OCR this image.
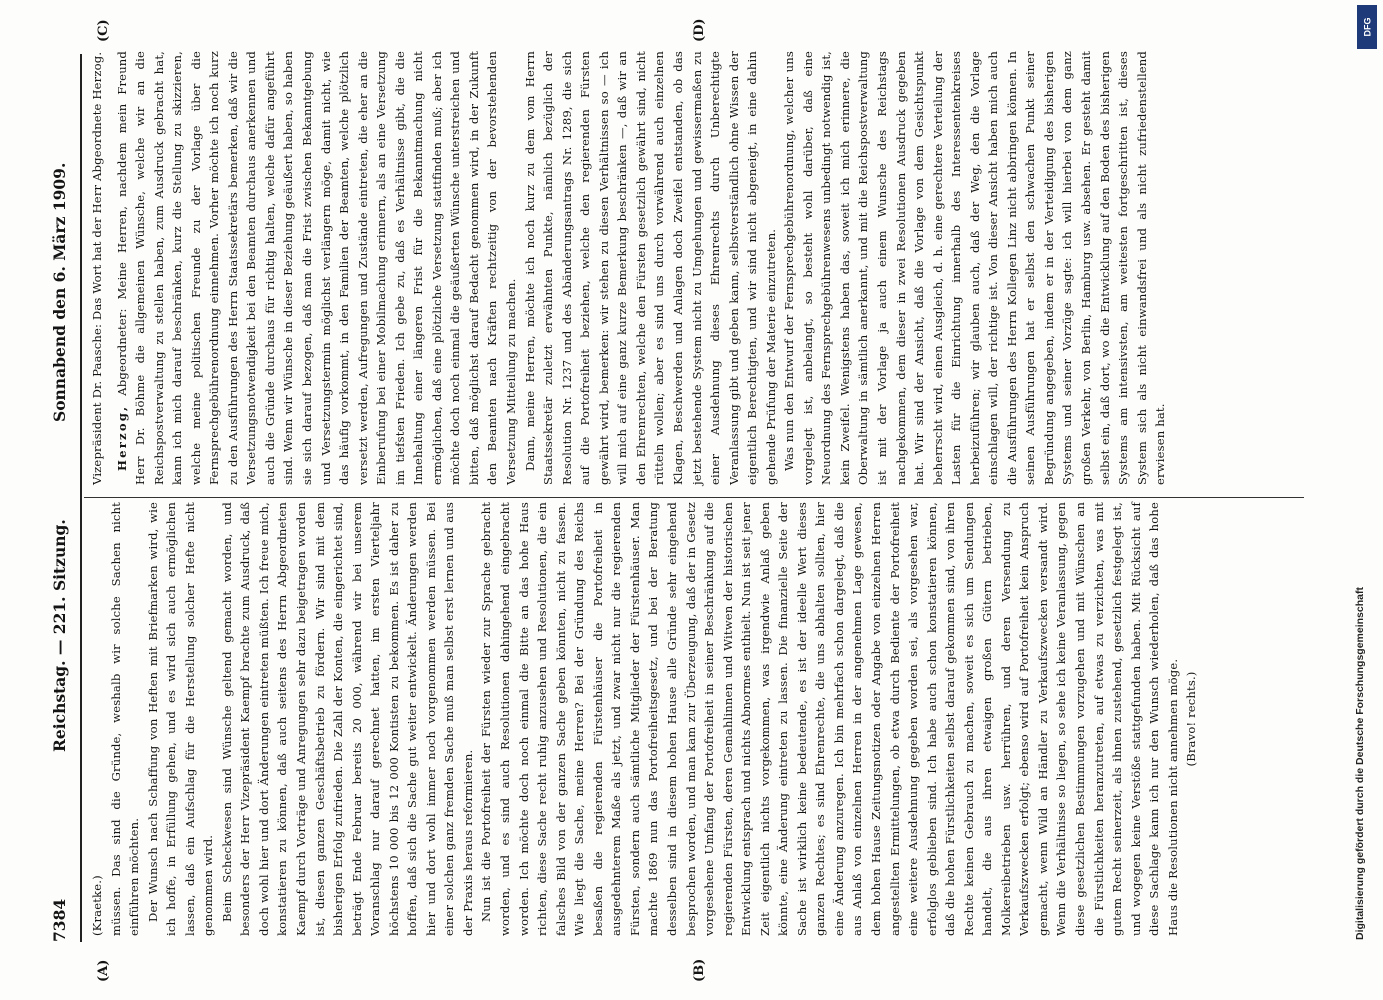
7384
Reichstag. — 221. Sitzung.
Sonnabend den 6. März 1909.
(A)	(B)
(C)	(D)

(Kraetke.) müssen. Das sind die Gründe, weshalb wir solche Sachen nicht einführen möchten. Der Wunsch nach Schaffung von Heften mit Briefmarken wird, wie ich hoffe, in Erfüllung gehen, und es wird sich auch ermöglichen lassen, daß ein Aufschlag für die Herstellung solcher Hefte nicht genommen wird. Beim Scheckwesen sind Wünsche geltend gemacht worden, und besonders der Herr Vizepräsident Kaempf brachte zum Ausdruck, daß doch wohl hier und dort Änderungen eintreten müßten. Ich freue mich, konstatieren zu können, daß auch seitens des Herrn Abgeordneten Kaempf durch Vorträge und Anregungen sehr dazu beigetragen worden ist, diesen ganzen Geschäftsbetrieb zu fördern. Wir sind mit dem bisherigen Erfolg zufrieden. Die Zahl der Konten, die eingerichtet sind, beträgt Ende Februar bereits 20 000, während wir bei unserem Voranschlag nur darauf gerechnet hatten, im ersten Vierteljahr höchstens 10 000 bis 12 000 Kontisten zu bekommen. Es ist daher zu hoffen, daß sich die Sache gut weiter entwickelt. Änderungen werden hier und dort wohl immer noch vorgenommen werden müssen. Bei einer solchen ganz fremden Sache muß man selbst erst lernen und aus der Praxis heraus reformieren. Nun ist die Portofreiheit der Fürsten wieder zur Sprache gebracht worden, und es sind auch Resolutionen dahingehend eingebracht worden. Ich möchte doch noch einmal die Bitte an das hohe Haus richten, diese Sache recht ruhig anzusehen und Resolutionen, die ein falsches Bild von der ganzen Sache geben könnten, nicht zu fassen. Wie liegt die Sache, meine Herren? Bei der Gründung des Reichs besaßen die regierenden Fürstenhäuser die Portofreiheit in ausgedehnterem Maße als jetzt, und zwar nicht nur die regierenden Fürsten, sondern auch sämtliche Mitglieder der Fürstenhäuser. Man machte 1869 nun das Portofreiheitsgesetz, und bei der Beratung desselben sind in diesem hohen Hause alle Gründe sehr eingehend besprochen worden, und man kam zur Überzeugung, daß der in Gesetz vorgesehene Umfang der Portofreiheit in seiner Beschränkung auf die regierenden Fürsten, deren Gemahlinnen und Witwen der historischen Entwicklung entsprach und nichts Abnormes enthielt. Nun ist seit jener Zeit eigentlich nichts vorgekommen, was irgendwie Anlaß geben könnte, eine Änderung eintreten zu lassen. Die finanzielle Seite der Sache ist wirklich keine bedeutende, es ist der ideelle Wert dieses ganzen Rechtes; es sind Ehrenrechte, die uns abhalten sollten, hier eine Änderung anzuregen. Ich bin mehrfach schon dargelegt, daß die aus Anlaß von einzelnen Herren in der angenehmen Lage gewesen, dem hohen Hause Zeitungsnotizen oder Angabe von einzelnen Herren angestellten Ermittelungen, ob etwa durch Bediente der Portofreiheit eine weitere Ausdehnung gegeben worden sei, als vorgesehen war, erfolglos geblieben sind. Ich habe auch schon konstatieren können, daß die hohen Fürstlichkeiten selbst darauf gekommen sind, von ihren Rechte keinen Gebrauch zu machen, soweit es sich um Sendungen handelt, die aus ihren etwaigen großen Gütern betrieben, Molkereibetrieben usw. herrühren, und deren Versendung zu Verkaufszwecken erfolgt; ebenso wird auf Portofreiheit kein Anspruch gemacht, wenn Wild an Händler zu Verkaufszwecken versandt wird. Wenn die Verhältnisse so liegen, so sehe ich keine Veranlassung, gegen diese gesetzlichen Bestimmungen vorzugehen und mit Wünschen an die Fürstlichkeiten heranzutreten, auf etwas zu verzichten, was mit gutem Recht seinerzeit, als ihnen zustehend, gesetzlich festgelegt ist, und wogegen keine Verstöße stattgefunden haben. Mit Rücksicht auf diese Sachlage kann ich nur den Wunsch wiederholen, daß das hohe Haus die Resolutionen nicht annehmen möge. (Bravo! rechts.)

Vizepräsident Dr. Paasche: Das Wort hat der Herr Abgeordnete Herzog. Herzog, Abgeordneter: Meine Herren, nachdem mein Freund Herr Dr. Böhme die allgemeinen Wünsche, welche wir an die Reichspostverwaltung zu stellen haben, zum Ausdruck gebracht hat, kann ich mich darauf beschränken, kurz die Stellung zu skizzieren, welche meine politischen Freunde zu der Vorlage über die Fernsprechgebührenordnung einnehmen. Vorher möchte ich noch kurz zu den Ausführungen des Herrn Staatssekretärs bemerken, daß wir die Versetzungsnotwendigkeit bei den Beamten durchaus anerkennen und auch die Gründe durchaus für richtig halten, welche dafür angeführt sind. Wenn wir Wünsche in dieser Beziehung geäußert haben, so haben sie sich darauf bezogen, daß man die Frist zwischen Bekanntgebung und Versetzungstermin möglichst verlängern möge, damit nicht, wie das häufig vorkommt, in den Familien der Beamten, welche plötzlich versetzt werden, Aufregungen und Zustände eintreten, die eher an die Einberufung bei einer Mobilmachung erinnern, als an eine Versetzung im tiefsten Frieden. Ich gebe zu, daß es Verhältnisse gibt, die die Innehaltung einer längeren Frist für die Bekanntmachung nicht ermöglichen, daß eine plötzliche Versetzung stattfinden muß; aber ich möchte doch noch einmal die geäußerten Wünsche unterstreichen und bitten, daß möglichst darauf Bedacht genommen wird, in der Zukunft den Beamten nach Kräften rechtzeitig von der bevorstehenden Versetzung Mitteilung zu machen. Dann, meine Herren, möchte ich noch kurz zu dem vom Herrn Staatssekretär zuletzt erwähnten Punkte, nämlich bezüglich der Resolution Nr. 1237 und des Abänderungsantrags Nr. 1289, die sich auf die Portofreiheit beziehen, welche den regierenden Fürsten gewährt wird, bemerken: wir stehen zu diesen Verhältnissen so — ich will mich auf eine ganz kurze Bemerkung beschränken —, daß wir an den Ehrenrechten, welche den Fürsten gesetzlich gewährt sind, nicht rütteln wollen; aber es sind uns durch vorwährend auch einzelnen Klagen, Beschwerden und Anlagen doch Zweifel entstanden, ob das jetzt bestehende System nicht zu Umgehungen und gewissermaßen zu einer Ausdehnung dieses Ehrenrechts durch Unberechtigte Veranlassung gibt und geben kann, selbstverständlich ohne Wissen der eigentlich Berechtigten, und wir sind nicht abgeneigt, in eine dahin gehende Prüfung der Materie einzutreten. Was nun den Entwurf der Fernsprechgebührenordnung, welcher uns vorgelegt ist, anbelangt, so besteht wohl darüber, daß eine Neuordnung des Fernsprechgebührenwesens unbedingt notwendig ist, kein Zweifel. Wenigstens haben das, soweit ich mich erinnere, die Oberwaltung in sämtlich anerkannt, und mit die Reichspostverwaltung ist mit der Vorlage ja auch einem Wunsche des Reichstags nachgekommen, dem dieser in zwei Resolutionen Ausdruck gegeben hat. Wir sind der Ansicht, daß die Vorlage von dem Gesichtspunkt beherrscht wird, einen Ausgleich, d. h. eine gerechtere Verteilung der Lasten für die Einrichtung innerhalb des Interessentenkreises herbeizuführen; wir glauben auch, daß der Weg, den die Vorlage einschlagen will, der richtige ist. Von dieser Ansicht haben mich auch die Ausführungen des Herrn Kollegen Linz nicht abbringen können. In seinen Ausführungen hat er selbst den schwachen Punkt seiner Begründung angegeben, indem er in der Verteidigung des bisherigen Systems und seiner Vorzüge sagte: ich will hierbei von dem ganz großen Verkehr, von Berlin, Hamburg usw. absehen. Er gesteht damit selbst ein, daß dort, wo die Entwicklung auf den Boden des bisherigen Systems am intensivsten, am weitesten fortgeschritten ist, dieses System sich als nicht einwandsfrei und als nicht zufriedenstellend erwiesen hat.

DFG
Digitalisierung gefördert durch die Deutsche Forschungsgemeinschaft
